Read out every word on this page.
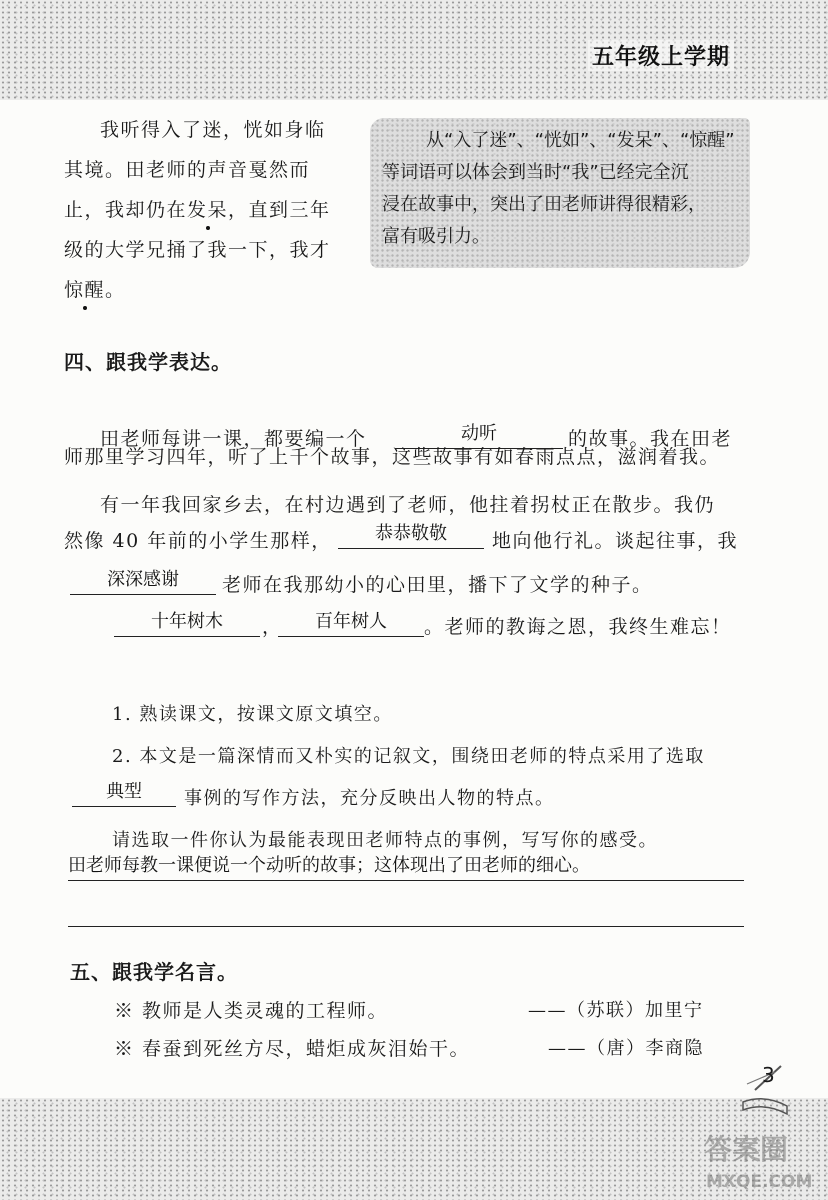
五年级上学期
我听得入了迷，恍如身临
其境。田老师的声音戛然而
止，我却仍在发呆，直到三年
级的大学兄捅了我一下，我才
惊醒。
从“入了迷”、“恍如”、“发呆”、“惊醒”
等词语可以体会到当时“我”已经完全沉
浸在故事中，突出了田老师讲得很精彩，
富有吸引力。
四、跟我学表达。
田老师每讲一课，都要编一个	动听	的故事。我在田老
师那里学习四年，听了上千个故事，这些故事有如春雨点点，滋润着我。
有一年我回家乡去，在村边遇到了老师，他拄着拐杖正在散步。我仍
然像 40 年前的小学生那样，	恭恭敬敬	地向他行礼。谈起往事，我
深深感谢	老师在我那幼小的心田里，播下了文学的种子。
十年树木	，	百年树人	。老师的教诲之恩，我终生难忘！
1. 熟读课文，按课文原文填空。
2. 本文是一篇深情而又朴实的记叙文，围绕田老师的特点采用了选取
典型	事例的写作方法，充分反映出人物的特点。
请选取一件你认为最能表现田老师特点的事例，写写你的感受。
田老师每教一课便说一个动听的故事；这体现出了田老师的细心。
五、跟我学名言。
※ 教师是人类灵魂的工程师。	——（苏联）加里宁
※ 春蚕到死丝方尽，蜡炬成灰泪始干。	——（唐）李商隐
3
答案圈
MXQE.COM
